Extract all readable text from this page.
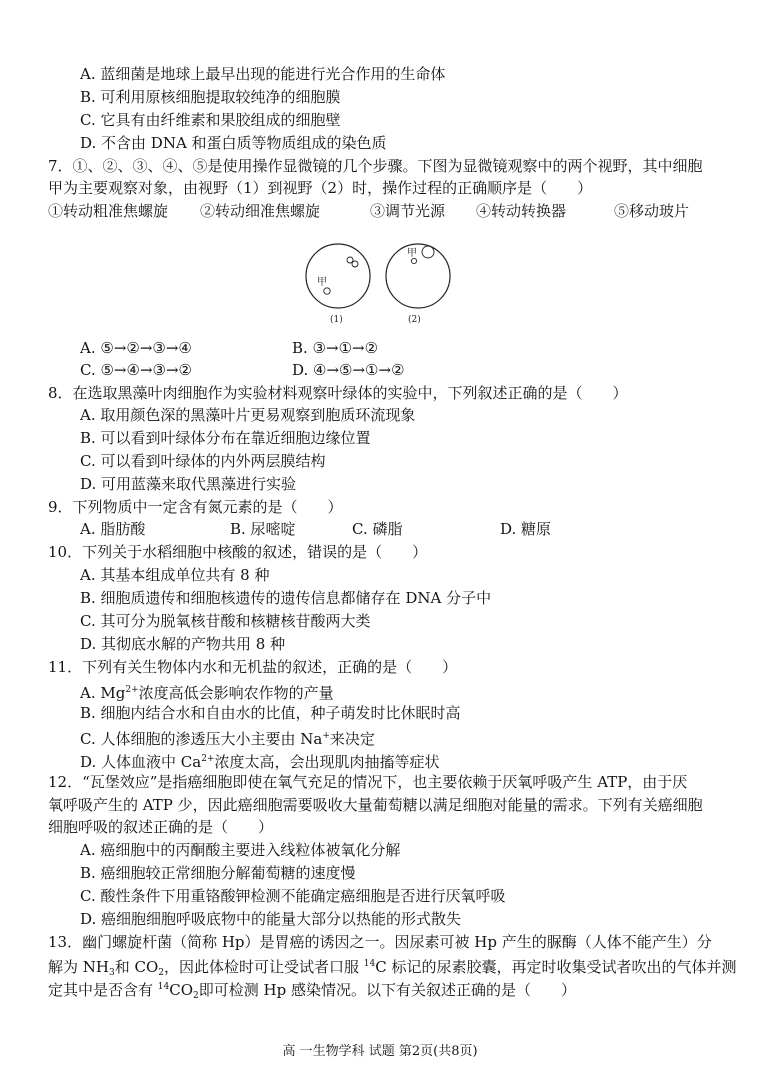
A. 蓝细菌是地球上最早出现的能进行光合作用的生命体
B. 可利用原核细胞提取较纯净的细胞膜
C. 它具有由纤维素和果胶组成的细胞壁
D. 不含由 DNA 和蛋白质等物质组成的染色质
7．①、②、③、④、⑤是使用操作显微镜的几个步骤。下图为显微镜观察中的两个视野，其中细胞
甲为主要观察对象，由视野（1）到视野（2）时，操作过程的正确顺序是（　　）
①转动粗准焦螺旋 ②转动细准焦螺旋	③调节光源 ④转动转换器	⑤移动玻片
甲
(1)
甲
(2)
A. ⑤→②→③→④	B. ③→①→②
C. ⑤→④→③→②	D. ④→⑤→①→②
8．在选取黑藻叶肉细胞作为实验材料观察叶绿体的实验中，下列叙述正确的是（　　）
A. 取用颜色深的黑藻叶片更易观察到胞质环流现象
B. 可以看到叶绿体分布在靠近细胞边缘位置
C. 可以看到叶绿体的内外两层膜结构
D. 可用蓝藻来取代黑藻进行实验
9．下列物质中一定含有氮元素的是（　　）
A. 脂肪酸	B. 尿嘧啶	C. 磷脂	D. 糖原
10．下列关于水稻细胞中核酸的叙述，错误的是（　　）
A. 其基本组成单位共有 8 种
B. 细胞质遗传和细胞核遗传的遗传信息都储存在 DNA 分子中
C. 其可分为脱氧核苷酸和核糖核苷酸两大类
D. 其彻底水解的产物共用 8 种
11．下列有关生物体内水和无机盐的叙述，正确的是（　　）
A. $Mg^{2+}$浓度高低会影响农作物的产量
B. 细胞内结合水和自由水的比值，种子萌发时比休眠时高
C. 人体细胞的渗透压大小主要由 Na+来决定
D. 人体血液中 $Ca^{2+}$浓度太高，会出现肌肉抽搐等症状
12．“瓦堡效应”是指癌细胞即使在氧气充足的情况下，也主要依赖于厌氧呼吸产生 ATP，由于厌
氧呼吸产生的 ATP 少，因此癌细胞需要吸收大量葡萄糖以满足细胞对能量的需求。下列有关癌细胞
细胞呼吸的叙述正确的是（　　）
A. 癌细胞中的丙酮酸主要进入线粒体被氧化分解
B. 癌细胞较正常细胞分解葡萄糖的速度慢
C. 酸性条件下用重铬酸钾检测不能确定癌细胞是否进行厌氧呼吸
D. 癌细胞细胞呼吸底物中的能量大部分以热能的形式散失
13．幽门螺旋杆菌（简称 Hp）是胃癌的诱因之一。因尿素可被 Hp 产生的脲酶（人体不能产生）分
解为 $NH_3$和 $CO_2$，因此体检时可让受试者口服 $^{14}$C 标记的尿素胶囊，再定时收集受试者吹出的气体并测
定其中是否含有 $^{14}CO_2$即可检测 Hp 感染情况。以下有关叙述正确的是（　　）
高 一生物学科 试题 第2页(共8页)
